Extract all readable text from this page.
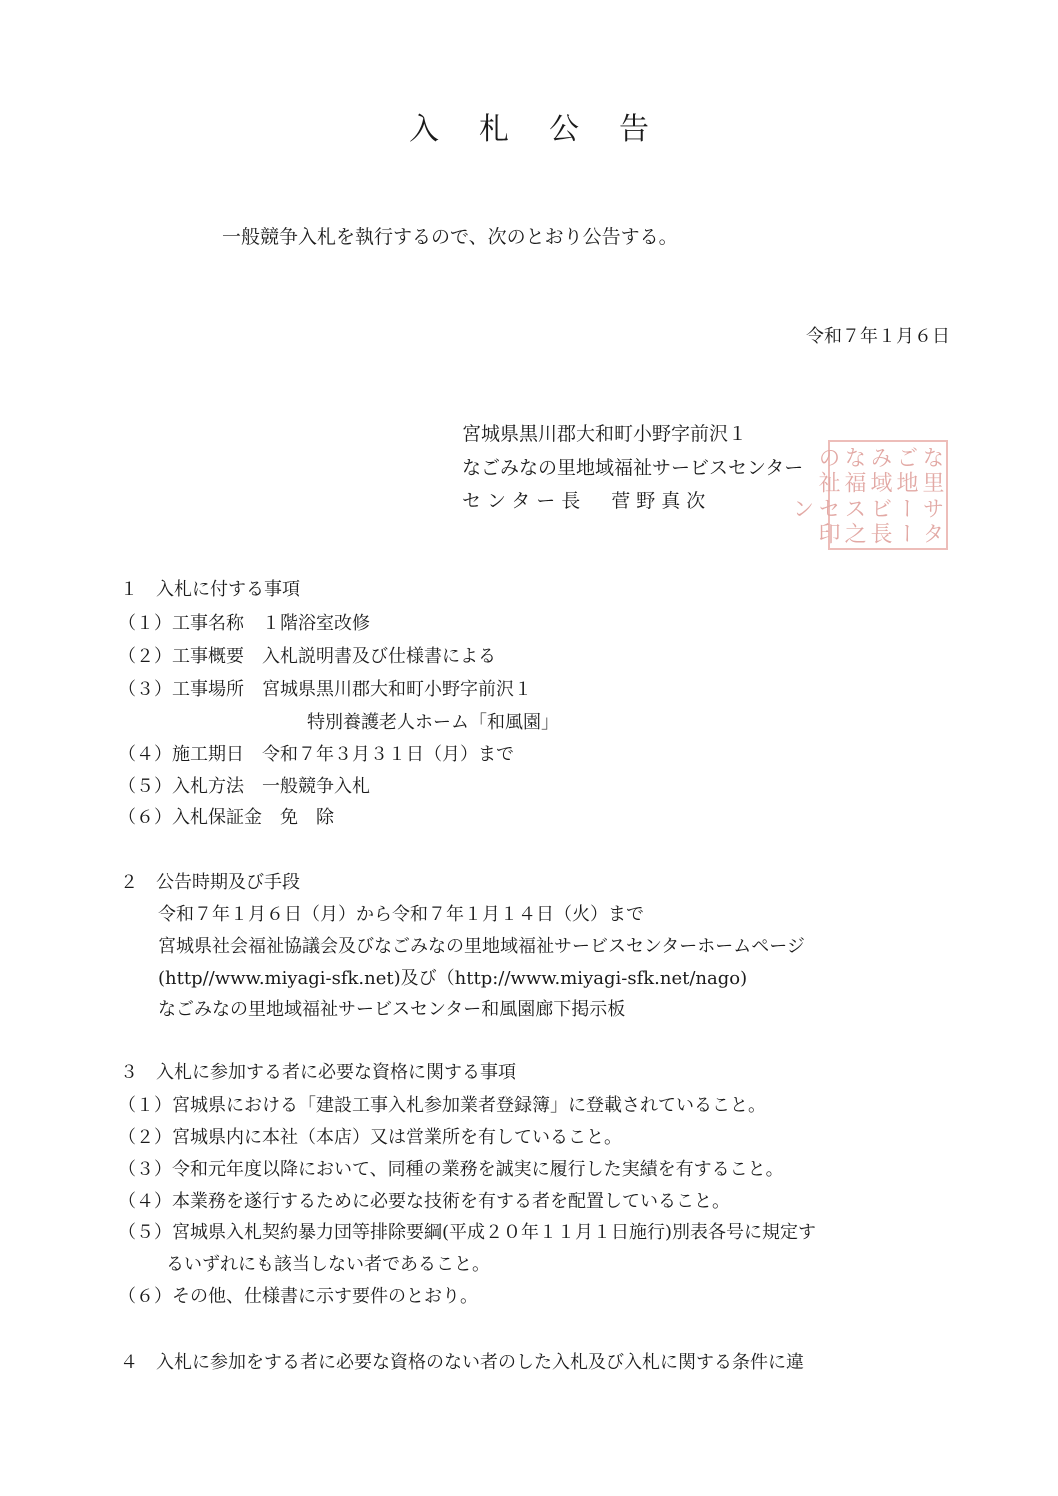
入札公告
一般競争入札を執行するので、次のとおり公告する。
令和７年１月６日
宮城県黒川郡大和町小野字前沢１
なごみなの里地域福祉サービスセンター
センター長　菅野真次
なごみなの
里地域福祉
サービスセン
ター長之印
１　入札に付する事項
（１）工事名称　１階浴室改修
（２）工事概要　入札説明書及び仕様書による
（３）工事場所　宮城県黒川郡大和町小野字前沢１
特別養護老人ホーム「和風園」
（４）施工期日　令和７年３月３１日（月）まで
（５）入札方法　一般競争入札
（６）入札保証金　免　除
２　公告時期及び手段
令和７年１月６日（月）から令和７年１月１４日（火）まで
宮城県社会福祉協議会及びなごみなの里地域福祉サービスセンターホームページ
(http//www.miyagi-sfk.net)及び（http://www.miyagi-sfk.net/nago)
なごみなの里地域福祉サービスセンター和風園廊下掲示板
３　入札に参加する者に必要な資格に関する事項
（１）宮城県における「建設工事入札参加業者登録簿」に登載されていること。
（２）宮城県内に本社（本店）又は営業所を有していること。
（３）令和元年度以降において、同種の業務を誠実に履行した実績を有すること。
（４）本業務を遂行するために必要な技術を有する者を配置していること。
（５）宮城県入札契約暴力団等排除要綱(平成２０年１１月１日施行)別表各号に規定す
るいずれにも該当しない者であること。
（６）その他、仕様書に示す要件のとおり。
４　入札に参加をする者に必要な資格のない者のした入札及び入札に関する条件に違
